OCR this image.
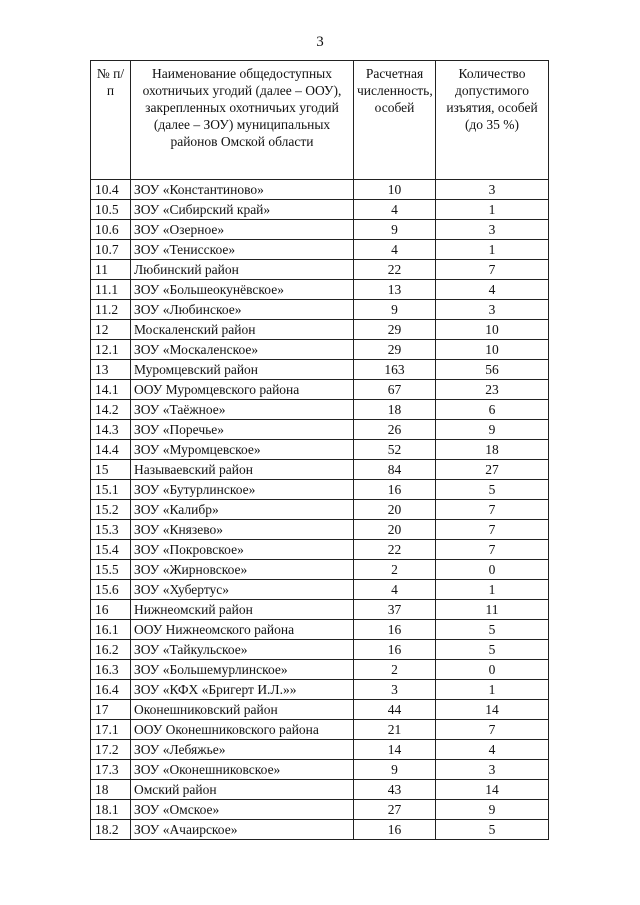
3
№ п/п	Наименование общедоступных охотничьих угодий (далее – ООУ), закрепленных охотничьих угодий (далее – ЗОУ) муниципальных районов Омской области	Расчетная численность, особей	Количество допустимого изъятия, особей (до 35 %)
10.4	ЗОУ «Константиново»	10	3
10.5	ЗОУ «Сибирский край»	4	1
10.6	ЗОУ «Озерное»	9	3
10.7	ЗОУ «Тенисское»	4	1
11	Любинский район	22	7
11.1	ЗОУ «Большеокунёвское»	13	4
11.2	ЗОУ «Любинское»	9	3
12	Москаленский район	29	10
12.1	ЗОУ «Москаленское»	29	10
13	Муромцевский район	163	56
14.1	ООУ Муромцевского района	67	23
14.2	ЗОУ «Таёжное»	18	6
14.3	ЗОУ «Поречье»	26	9
14.4	ЗОУ «Муромцевское»	52	18
15	Называевский район	84	27
15.1	ЗОУ «Бутурлинское»	16	5
15.2	ЗОУ «Калибр»	20	7
15.3	ЗОУ «Князево»	20	7
15.4	ЗОУ «Покровское»	22	7
15.5	ЗОУ «Жирновское»	2	0
15.6	ЗОУ «Хубертус»	4	1
16	Нижнеомский район	37	11
16.1	ООУ Нижнеомского района	16	5
16.2	ЗОУ «Тайкульское»	16	5
16.3	ЗОУ «Большемурлинское»	2	0
16.4	ЗОУ «КФХ «Бригерт И.Л.»»	3	1
17	Оконешниковский район	44	14
17.1	ООУ Оконешниковского района	21	7
17.2	ЗОУ «Лебяжье»	14	4
17.3	ЗОУ «Оконешниковское»	9	3
18	Омский район	43	14
18.1	ЗОУ «Омское»	27	9
18.2	ЗОУ «Ачаирское»	16	5
